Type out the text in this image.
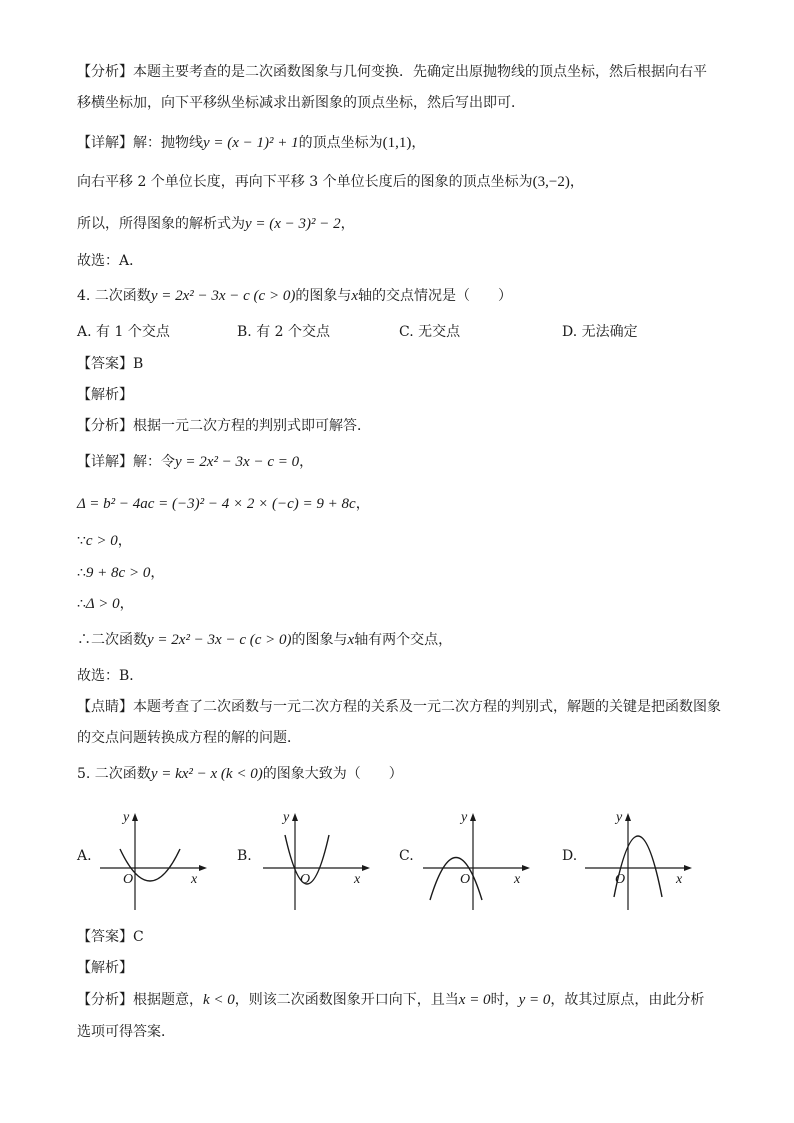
【分析】本题主要考查的是二次函数图象与几何变换．先确定出原抛物线的顶点坐标，然后根据向右平
移横坐标加，向下平移纵坐标减求出新图象的顶点坐标，然后写出即可．
【详解】解：抛物线y = (x − 1)² + 1的顶点坐标为(1,1)，
向右平移 2 个单位长度，再向下平移 3 个单位长度后的图象的顶点坐标为(3,−2)，
所以，所得图象的解析式为y = (x − 3)² − 2，
故选：A．
4. 二次函数y = 2x² − 3x − c (c > 0)的图象与x轴的交点情况是（　　）
A. 有 1 个交点	B. 有 2 个交点	C. 无交点	D. 无法确定
【答案】B
【解析】
【分析】根据一元二次方程的判别式即可解答．
【详解】解：令y = 2x² − 3x − c = 0，
Δ = b² − 4ac = (−3)² − 4 × 2 × (−c) = 9 + 8c，
∵c > 0，
∴9 + 8c > 0，
∴Δ > 0，
∴二次函数y = 2x² − 3x − c (c > 0)的图象与x轴有两个交点，
故选：B．
【点睛】本题考查了二次函数与一元二次方程的关系及一元二次方程的判别式，解题的关键是把函数图象
的交点问题转换成方程的解的问题．
5. 二次函数y = kx² − x (k < 0)的图象大致为（　　）
A.
y
O	x
B.
y
O	x
C.
y
O	x
D.
y
O	x
【答案】C
【解析】
【分析】根据题意，k < 0，则该二次函数图象开口向下，且当x = 0时，y = 0，故其过原点，由此分析
选项可得答案．
